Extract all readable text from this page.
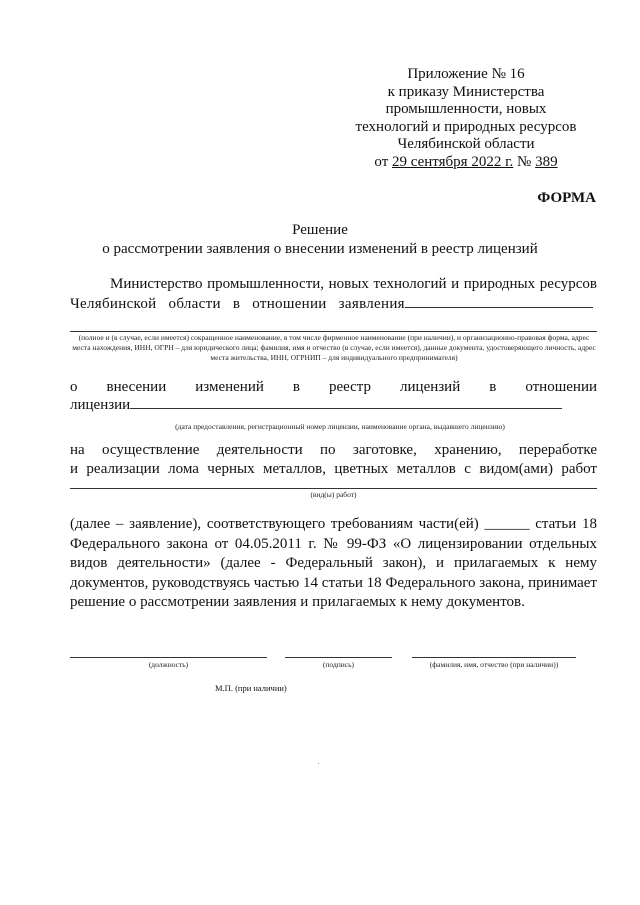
Приложение № 16
к приказу Министерства
промышленности, новых
технологий и природных ресурсов
Челябинской области
от 29 сентября 2022 г. № 389
ФОРМА
Решение
о рассмотрении заявления о внесении изменений в реестр лицензий
Министерство промышленности, новых технологий и природных ресурсов
Челябинской области в отношении заявления
(полное и (в случае, если имеется) сокращенное наименование, в том числе фирменное наименование (при наличии), и организационно-правовая форма, адрес места нахождения, ИНН, ОГРН – для юридического лица; фамилия, имя и отчество (в случае, если имеется), данные документа, удостоверяющего личность, адрес места жительства, ИНН, ОГРНИП – для индивидуального предпринимателя)
о внесении изменений в реестр лицензий в отношении
лицензии
(дата предоставления, регистрационный номер лицензии, наименование органа, выдавшего лицензию)
на осуществление деятельности по заготовке, хранению, переработке
и реализации лома черных металлов, цветных металлов с видом(ами) работ
(вид(ы) работ)
(далее – заявление), соответствующего требованиям части(ей) ______ статьи 18 Федерального закона от 04.05.2011 г. № 99-ФЗ «О лицензировании отдельных видов деятельности» (далее - Федеральный закон), и прилагаемых к нему документов, руководствуясь частью 14 статьи 18 Федерального закона, принимает решение о рассмотрении заявления и прилагаемых к нему документов.
(должность)	(подпись)	(фамилия, имя, отчество (при наличии))
М.П. (при наличии)
